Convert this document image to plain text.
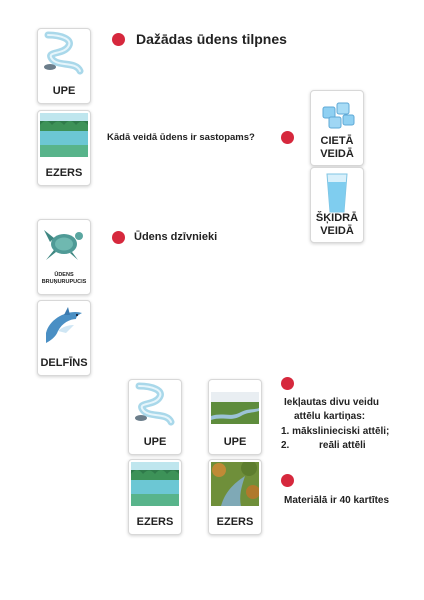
UPE
EZERS
Dažādas ūdens tilpnes
Kādā veidā ūdens ir sastopams?	CIETĀ
VEIDĀ
ŠĶIDRĀ
VEIDĀ
ŪDENS
BRUŅURUPUCIS
Ūdens dzīvnieki
DELFĪNS
UPE	UPE
EZERS	EZERS
Iekļautas divu veidu
attēlu kartiņas:
1. mākslinieciski attēli;
2.	reāli attēli
Materiālā ir 40 kartītes
